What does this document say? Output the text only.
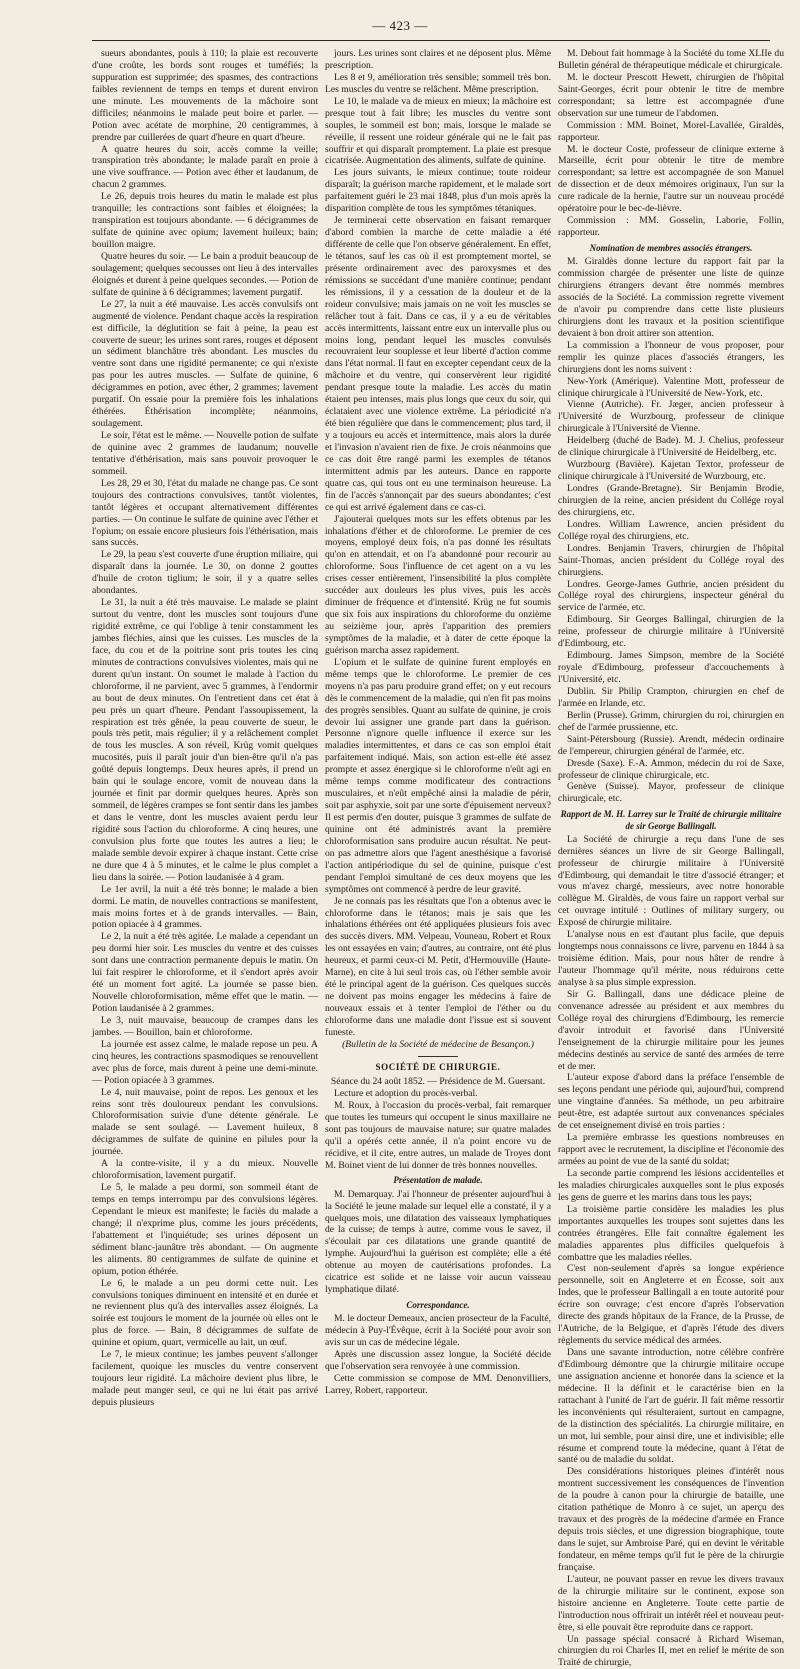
— 423 —

sueurs abondantes, pouls à 110; la plaie est recouverte d'une croûte, les bords sont rouges et tuméfiés; la suppuration est supprimée; des spasmes, des contractions faibles reviennent de temps en temps et durent environ une minute. Les mouvements de la mâchoire sont difficiles; néanmoins le malade peut boire et parler. — Potion avec acétate de morphine, 20 centigrammes, à prendre par cuillerées de quart d'heure en quart d'heure.

A quatre heures du soir, accès comme la veille; transpiration très abondante; le malade paraît en proie à une vive souffrance. — Potion avec éther et laudanum, de chacun 2 grammes.

Le 26, depuis trois heures du matin le malade est plus tranquille; les contractions sont faibles et éloignées; la transpiration est toujours abondante. — 6 décigrammes de sulfate de quinine avec opium; lavement huileux; bain; bouillon maigre.

Quatre heures du soir. — Le bain a produit beaucoup de soulagement; quelques secousses ont lieu à des intervalles éloignés et durent à peine quelques secondes. — Potion de sulfate de quinine à 6 décigrammes; lavement purgatif.

Le 27, la nuit a été mauvaise. Les accès convulsifs ont augmenté de violence. Pendant chaque accès la respiration est difficile, la déglutition se fait à peine, la peau est couverte de sueur; les urines sont rares, rouges et déposent un sédiment blanchâtre très abondant. Les muscles du ventre sont dans une rigidité permanente; ce qui n'existe pas pour les autres muscles. — Sulfate de quinine, 6 décigrammes en potion, avec éther, 2 grammes; lavement purgatif. On essaie pour la première fois les inhalations éthérées. Éthérisation incomplète; néanmoins, soulagement.

Le soir, l'état est le même. — Nouvelle potion de sulfate de quinine avec 2 grammes de laudanum; nouvelle tentative d'éthérisation, mais sans pouvoir provoquer le sommeil.

Les 28, 29 et 30, l'état du malade ne change pas. Ce sont toujours des contractions convulsives, tantôt violentes, tantôt légères et occupant alternativement différentes parties. — On continue le sulfate de quinine avec l'éther et l'opium; on essaie encore plusieurs fois l'éthérisation, mais sans succès.

Le 29, la peau s'est couverte d'une éruption miliaire, qui disparaît dans la journée. Le 30, on donne 2 gouttes d'huile de croton tiglium; le soir, il y a quatre selles abondantes.

Le 31, la nuit a été très mauvaise. Le malade se plaint surtout du ventre, dont les muscles sont toujours d'une rigidité extrême, ce qui l'oblige à tenir constamment les jambes fléchies, ainsi que les cuisses. Les muscles de la face, du cou et de la poitrine sont pris toutes les cinq minutes de contractions convulsives violentes, mais qui ne durent qu'un instant. On soumet le malade à l'action du chloroforme, il ne parvient, avec 5 grammes, à l'endormir au bout de deux minutes. On l'entretient dans cet état à peu près un quart d'heure. Pendant l'assoupissement, la respiration est très gênée, la peau couverte de sueur, le pouls très petit, mais régulier; il y a relâchement complet de tous les muscles. A son réveil, Krüg vomit quelques mucosités, puis il paraît jouir d'un bien-être qu'il n'a pas goûté depuis longtemps. Deux heures après, il prend un bain qui le soulage encore, vomit de nouveau dans la journée et finit par dormir quelques heures. Après son sommeil, de légères crampes se font sentir dans les jambes et dans le ventre, dont les muscles avaient perdu leur rigidité sous l'action du chloroforme. A cinq heures, une convulsion plus forte que toutes les autres a lieu; le malade semble devoir expirer à chaque instant. Cette crise ne dure que 4 à 5 minutes, et le calme le plus complet a lieu dans la soirée. — Potion laudanisée à 4 gram.

Le 1er avril, la nuit a été très bonne; le malade a bien dormi. Le matin, de nouvelles contractions se manifestent, mais moins fortes et à de grands intervalles. — Bain, potion opiacée à 4 grammes.

Le 2, la nuit a été très agitée. Le malade a cependant un peu dormi hier soir. Les muscles du ventre et des cuisses sont dans une contraction permanente depuis le matin. On lui fait respirer le chloroforme, et il s'endort après avoir été un moment fort agité. La journée se passe bien. Nouvelle chloroformisation, même effet que le matin. — Potion laudanisée à 2 grammes.

Le 3, nuit mauvaise, beaucoup de crampes dans les jambes. — Bouillon, bain et chloroforme.

La journée est assez calme, le malade repose un peu. A cinq heures, les contractions spasmodiques se renouvellent avec plus de force, mais durent à peine une demi-minute. — Potion opiacée à 3 grammes.

Le 4, nuit mauvaise, point de repos. Les genoux et les reins sont très douloureux pendant les convulsions. Chloroformisation suivie d'une détente générale. Le malade se sent soulagé. — Lavement huileux, 8 décigrammes de sulfate de quinine en pilules pour la journée.

A la contre-visite, il y a du mieux. Nouvelle chloroformisation, lavement purgatif.

Le 5, le malade a peu dormi, son sommeil étant de temps en temps interrompu par des convulsions légères. Cependant le mieux est manifeste; le faciès du malade a changé; il n'exprime plus, comme les jours précédents, l'abattement et l'inquiétude; ses urines déposent un sédiment blanc-jaunâtre très abondant. — On augmente les aliments. 80 centigrammes de sulfate de quinine et opium, potion éthérée.

Le 6, le malade a un peu dormi cette nuit. Les convulsions toniques diminuent en intensité et en durée et ne reviennent plus qu'à des intervalles assez éloignés. La soirée est toujours le moment de la journée où elles ont le plus de force. — Bain, 8 décigrammes de sulfate de quinine et opium, quart, vermicelle au lait, un œuf.

Le 7, le mieux continue; les jambes peuvent s'allonger facilement, quoique les muscles du ventre conservent toujours leur rigidité. La mâchoire devient plus libre, le malade peut manger seul, ce qui ne lui était pas arrivé depuis plusieurs

jours. Les urines sont claires et ne déposent plus. Même prescription.

Les 8 et 9, amélioration très sensible; sommeil très bon. Les muscles du ventre se relâchent. Même prescription.

Le 10, le malade va de mieux en mieux; la mâchoire est presque tout à fait libre; les muscles du ventre sont souples, le sommeil est bon; mais, lorsque le malade se réveille, il ressent une roideur générale qui ne le fait pas souffrir et qui disparaît promptement. La plaie est presque cicatrisée. Augmentation des aliments, sulfate de quinine.

Les jours suivants, le mieux continue; toute roideur disparaît; la guérison marche rapidement, et le malade sort parfaitement guéri le 23 mai 1848, plus d'un mois après la disparition complète de tous les symptômes tétaniques.

Je terminerai cette observation en faisant remarquer d'abord combien la marche de cette maladie a été différente de celle que l'on observe généralement. En effet, le tétanos, sauf les cas où il est promptement mortel, se présente ordinairement avec des paroxysmes et des rémissions se succédant d'une manière continue; pendant les rémissions, il y a cessation de la douleur et de la roideur convulsive; mais jamais on ne voit les muscles se relâcher tout à fait. Dans ce cas, il y a eu de véritables accès intermittents, laissant entre eux un intervalle plus ou moins long, pendant lequel les muscles convulsés recouvraient leur souplesse et leur liberté d'action comme dans l'état normal. Il faut en excepter cependant ceux de la mâchoire et du ventre, qui conservèrent leur rigidité pendant presque toute la maladie. Les accès du matin étaient peu intenses, mais plus longs que ceux du soir, qui éclataient avec une violence extrême. La périodicité n'a été bien régulière que dans le commencement; plus tard, il y a toujours eu accès et intermittence, mais alors la durée et l'invasion n'avaient rien de fixe. Je crois néanmoins que ce cas doit être rangé parmi les exemples de tétanos intermittent admis par les auteurs. Dance en rapporte quatre cas, qui tous ont eu une terminaison heureuse. La fin de l'accès s'annonçait par des sueurs abondantes; c'est ce qui est arrivé également dans ce cas-ci.

J'ajouterai quelques mots sur les effets obtenus par les inhalations d'éther et de chloroforme. Le premier de ces moyens, employé deux fois, n'a pas donné les résultats qu'on en attendait, et on l'a abandonné pour recourir au chloroforme. Sous l'influence de cet agent on a vu les crises cesser entièrement, l'insensibilité la plus complète succéder aux douleurs les plus vives, puis les accès diminuer de fréquence et d'intensité. Krüg ne fut soumis que six fois aux inspirations du chloroforme du onzième au seizième jour, après l'apparition des premiers symptômes de la maladie, et à dater de cette époque la guérison marcha assez rapidement.

L'opium et le sulfate de quinine furent employés en même temps que le chloroforme. Le premier de ces moyens n'a pas paru produire grand effet; on y eut recours dès le commencement de la maladie, qui n'en fit pas moins des progrès sensibles. Quant au sulfate de quinine, je crois devoir lui assigner une grande part dans la guérison. Personne n'ignore quelle influence il exerce sur les maladies intermittentes, et dans ce cas son emploi était parfaitement indiqué. Mais, son action est-elle été assez prompte et assez énergique si le chloroforme n'eût agi en même temps comme modificateur des contractions musculaires, et n'eût empêché ainsi la maladie de périr, soit par asphyxie, soit par une sorte d'épuisement nerveux? Il est permis d'en douter, puisque 3 grammes de sulfate de quinine ont été administrés avant la première chloroformisation sans produire aucun résultat. Ne peut-on pas admettre alors que l'agent anesthésique a favorisé l'action antipériodique du sel de quinine, puisque c'est pendant l'emploi simultané de ces deux moyens que les symptômes ont commencé à perdre de leur gravité.

Je ne connais pas les résultats que l'on a obtenus avec le chloroforme dans le tétanos; mais je sais que les inhalations éthérées ont été appliquées plusieurs fois avec des succès divers. MM. Velpeau, Vouneau, Robert et Roux les ont essayées en vain; d'autres, au contraire, ont été plus heureux, et parmi ceux-ci M. Petit, d'Hermouville (Haute-Marne), en cite à lui seul trois cas, où l'éther semble avoir été le principal agent de la guérison. Ces quelques succès ne doivent pas moins engager les médecins à faire de nouveaux essais et à tenter l'emploi de l'éther ou du chloroforme dans une maladie dont l'issue est si souvent funeste.

(Bulletin de la Société de médecine de Besançon.)

SOCIÉTÉ DE CHIRURGIE.

Séance du 24 août 1852. — Présidence de M. Guersant.

Lecture et adoption du procès-verbal.

M. Roux, à l'occasion du procès-verbal, fait remarquer que toutes les tumeurs qui occupent le sinus maxillaire ne sont pas toujours de mauvaise nature; sur quatre malades qu'il a opérés cette année, il n'a point encore vu de récidive, et il cite, entre autres, un malade de Troyes dont M. Boinet vient de lui donner de très bonnes nouvelles.

Présentation de malade.

M. Demarquay. J'ai l'honneur de présenter aujourd'hui à la Société le jeune malade sur lequel elle a constaté, il y a quelques mois, une dilatation des vaisseaux lymphatiques de la cuisse; de temps à autre, comme vous le savez, il s'écoulait par ces dilatations une grande quantité de lymphe. Aujourd'hui la guérison est complète; elle a été obtenue au moyen de cautérisations profondes. La cicatrice est solide et ne laisse voir aucun vaisseau lymphatique dilaté.

Correspondance.

M. le docteur Demeaux, ancien prosecteur de la Faculté, médecin à Puy-l'Évêque, écrit à la Société pour avoir son avis sur un cas de médecine légale.

Après une discussion assez longue, la Société décide que l'observation sera renvoyée à une commission.

Cette commission se compose de MM. Denonvilliers, Larrey, Robert, rapporteur.

M. Debout fait hommage à la Société du tome XLIIe du Bulletin général de thérapeutique médicale et chirurgicale.

M. le docteur Prescott Hewett, chirurgien de l'hôpital Saint-Georges, écrit pour obtenir le titre de membre correspondant; sa lettre est accompagnée d'une observation sur une tumeur de l'abdomen.

Commission : MM. Boinet, Morel-Lavallée, Giraldès, rapporteur.

M. le docteur Coste, professeur de clinique externe à Marseille, écrit pour obtenir le titre de membre correspondant; sa lettre est accompagnée de son Manuel de dissection et de deux mémoires originaux, l'un sur la cure radicale de la hernie, l'autre sur un nouveau procédé opératoire pour le bec-de-lièvre.

Commission : MM. Gosselin, Laborie, Follin, rapporteur.

Nomination de membres associés étrangers.

M. Giraldès donne lecture du rapport fait par la commission chargée de présenter une liste de quinze chirurgiens étrangers devant être nommés membres associés de la Société. La commission regrette vivement de n'avoir pu comprendre dans cette liste plusieurs chirurgiens dont les travaux et la position scientifique devaient à bon droit attirer son attention.

La commission a l'honneur de vous proposer, pour remplir les quinze places d'associés étrangers, les chirurgiens dont les noms suivent :

New-York (Amérique). Valentine Mott, professeur de clinique chirurgicale à l'Université de New-York, etc.

Vienne (Autriche). Fr. Jæger, ancien professeur à l'Université de Wurzbourg, professeur de clinique chirurgicale à l'Université de Vienne.

Heidelberg (duché de Bade). M. J. Chelius, professeur de clinique chirurgicale à l'Université de Heidelberg, etc.

Wurzbourg (Bavière). Kajetan Textor, professeur de clinique chirurgicale à l'Université de Wurzbourg, etc.

Londres (Grande-Bretagne). Sir Benjamin Brodie, chirurgien de la reine, ancien président du Collége royal des chirurgiens, etc.

Londres. William Lawrence, ancien président du Collége royal des chirurgiens, etc.

Londres. Benjamin Travers, chirurgien de l'hôpital Saint-Thomas, ancien président du Collége royal des chirurgiens.

Londres. George-James Guthrie, ancien président du Collége royal des chirurgiens, inspecteur général du service de l'armée, etc.

Edimbourg. Sir Georges Ballingal, chirurgien de la reine, professeur de chirurgie militaire à l'Université d'Edimbourg, etc.

Edimbourg. James Simpson, membre de la Société royale d'Edimbourg, professeur d'accouchements à l'Université, etc.

Dublin. Sir Philip Crampton, chirurgien en chef de l'armée en Irlande, etc.

Berlin (Prusse). Grimm, chirurgien du roi, chirurgien en chef de l'armée prussienne, etc.

Saint-Pétersbourg (Russie). Arendt, médecin ordinaire de l'empereur, chirurgien général de l'armée, etc.

Dresde (Saxe). F.-A. Ammon, médecin du roi de Saxe, professeur de clinique chirurgicale, etc.

Genève (Suisse). Mayor, professeur de clinique chirurgicale, etc.

Rapport de M. H. Larrey sur le Traité de chirurgie militaire de sir George Ballingall.

La Société de chirurgie a reçu dans l'une de ses dernières séances un livre de sir George Ballingall, professeur de chirurgie militaire à l'Université d'Edimbourg, qui demandait le titre d'associé étranger; et vous m'avez chargé, messieurs, avec notre honorable collègue M. Giraldès, de vous faire un rapport verbal sur cet ouvrage intitulé : Outlines of military surgery, ou Exposé de chirurgie militaire.

L'analyse nous en est d'autant plus facile, que depuis longtemps nous connaissons ce livre, parvenu en 1844 à sa troisième édition. Mais, pour nous hâter de rendre à l'auteur l'hommage qu'il mérite, nous réduirons cette analyse à sa plus simple expression.

Sir G. Ballingall, dans une dédicace pleine de convenance adressée au président et aux membres du Collége royal des chirurgiens d'Edimbourg, les remercie d'avoir introduit et favorisé dans l'Université l'enseignement de la chirurgie militaire pour les jeunes médecins destinés au service de santé des armées de terre et de mer.

L'auteur expose d'abord dans la préface l'ensemble de ses leçons pendant une période qui, aujourd'hui, comprend une vingtaine d'années. Sa méthode, un peu arbitraire peut-être, est adaptée surtout aux convenances spéciales de cet enseignement divisé en trois parties :

La première embrasse les questions nombreuses en rapport avec le recrutement, la discipline et l'économie des armées au point de vue de la santé du soldat;

La seconde partie comprend les lésions accidentelles et les maladies chirurgicales auxquelles sont le plus exposés les gens de guerre et les marins dans tous les pays;

La troisième partie considère les maladies les plus importantes auxquelles les troupes sont sujettes dans les contrées étrangères. Elle fait connaître également les maladies apparentes plus difficiles quelquefois à combattre que les maladies réelles.

C'est non-seulement d'après sa longue expérience personnelle, soit en Angleterre et en Écosse, soit aux Indes, que le professeur Ballingall a en toute autorité pour écrire son ouvrage; c'est encore d'après l'observation directe des grands hôpitaux de la France, de la Prusse, de l'Autriche, de la Belgique, et d'après l'étude des divers règlements du service médical des armées.

Dans une savante introduction, notre célèbre confrère d'Edimbourg démontre que la chirurgie militaire occupe une assignation ancienne et honorée dans la science et la médecine. Il la définit et le caractérise bien en la rattachant à l'unité de l'art de guérir. Il fait même ressortir les inconvénients qui résulteraient, surtout en campagne, de la distinction des spécialités. La chirurgie militaire, en un mot, lui semble, pour ainsi dire, une et indivisible; elle résume et comprend toute la médecine, quant à l'état de santé ou de maladie du soldat.

Des considérations historiques pleines d'intérêt nous montrent successivement les conséquences de l'invention de la poudre à canon pour la chirurgie de bataille, une citation pathétique de Monro à ce sujet, un aperçu des travaux et des progrès de la médecine d'armée en France depuis trois siècles, et une digression biographique, toute dans le sujet, sur Ambroise Paré, qui en devint le véritable fondateur, en même temps qu'il fut le père de la chirurgie française.

L'auteur, ne pouvant passer en revue les divers travaux de la chirurgie militaire sur le continent, expose son histoire ancienne en Angleterre. Toute cette partie de l'introduction nous offrirait un intérêt réel et nouveau peut-être, si elle pouvait être reproduite dans ce rapport.

Un passage spécial consacré à Richard Wiseman, chirurgien du roi Charles II, met en relief le mérite de son Traité de chirurgie,
